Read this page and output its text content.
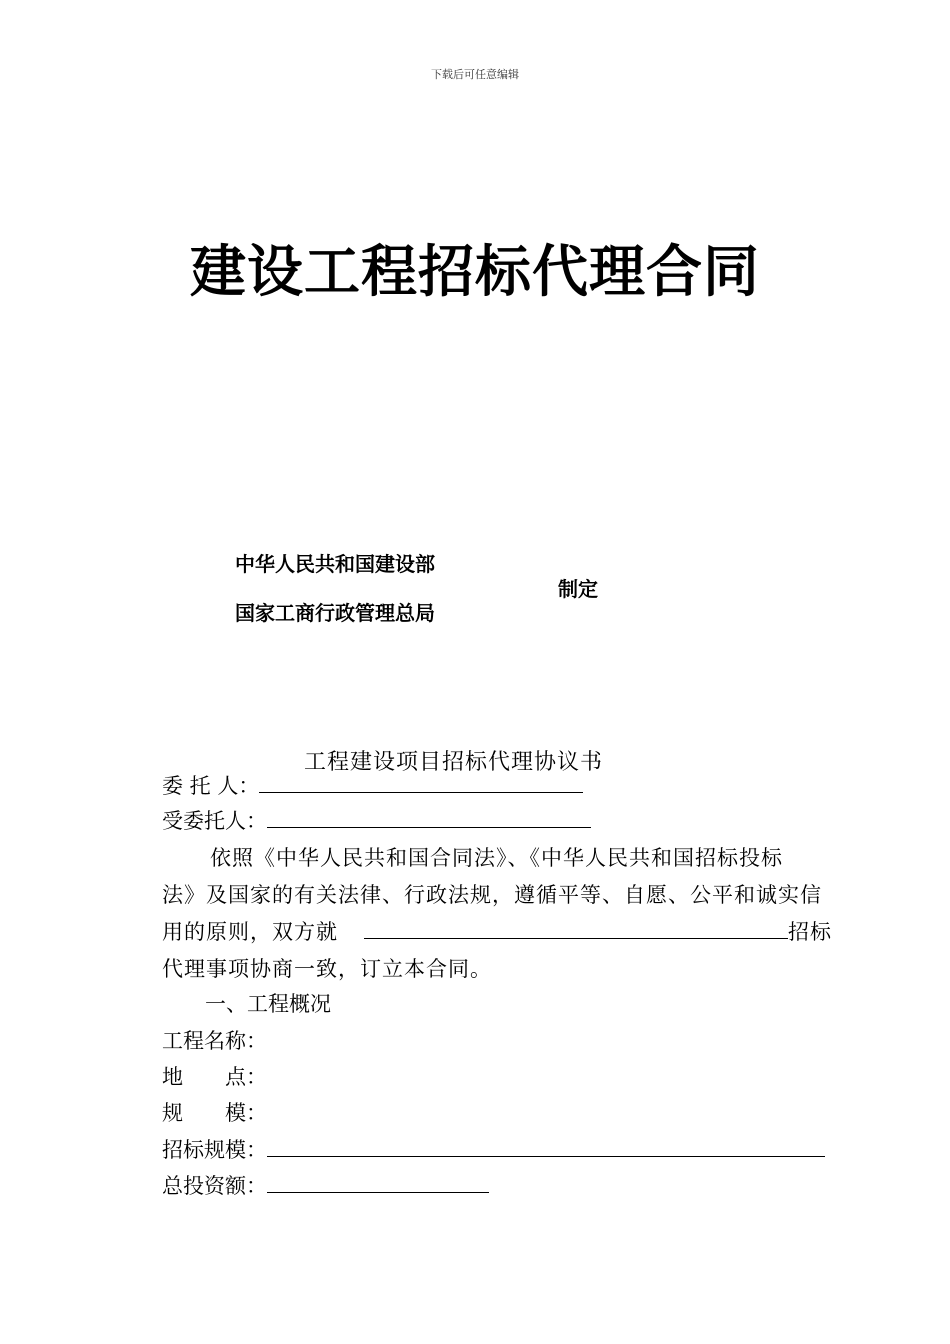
下载后可任意编辑
建设工程招标代理合同
中华人民共和国建设部
国家工商行政管理总局
制定
工程建设项目招标代理协议书
委 托 人：
受委托人：
依照《中华人民共和国合同法》、《中华人民共和国招标投标
法》及国家的有关法律、行政法规，遵循平等、自愿、公平和诚实信
用的原则，双方就	招标
代理事项协商一致，订立本合同。
一、工程概况
工程名称：
地　　点：
规　　模：
招标规模：
总投资额：
